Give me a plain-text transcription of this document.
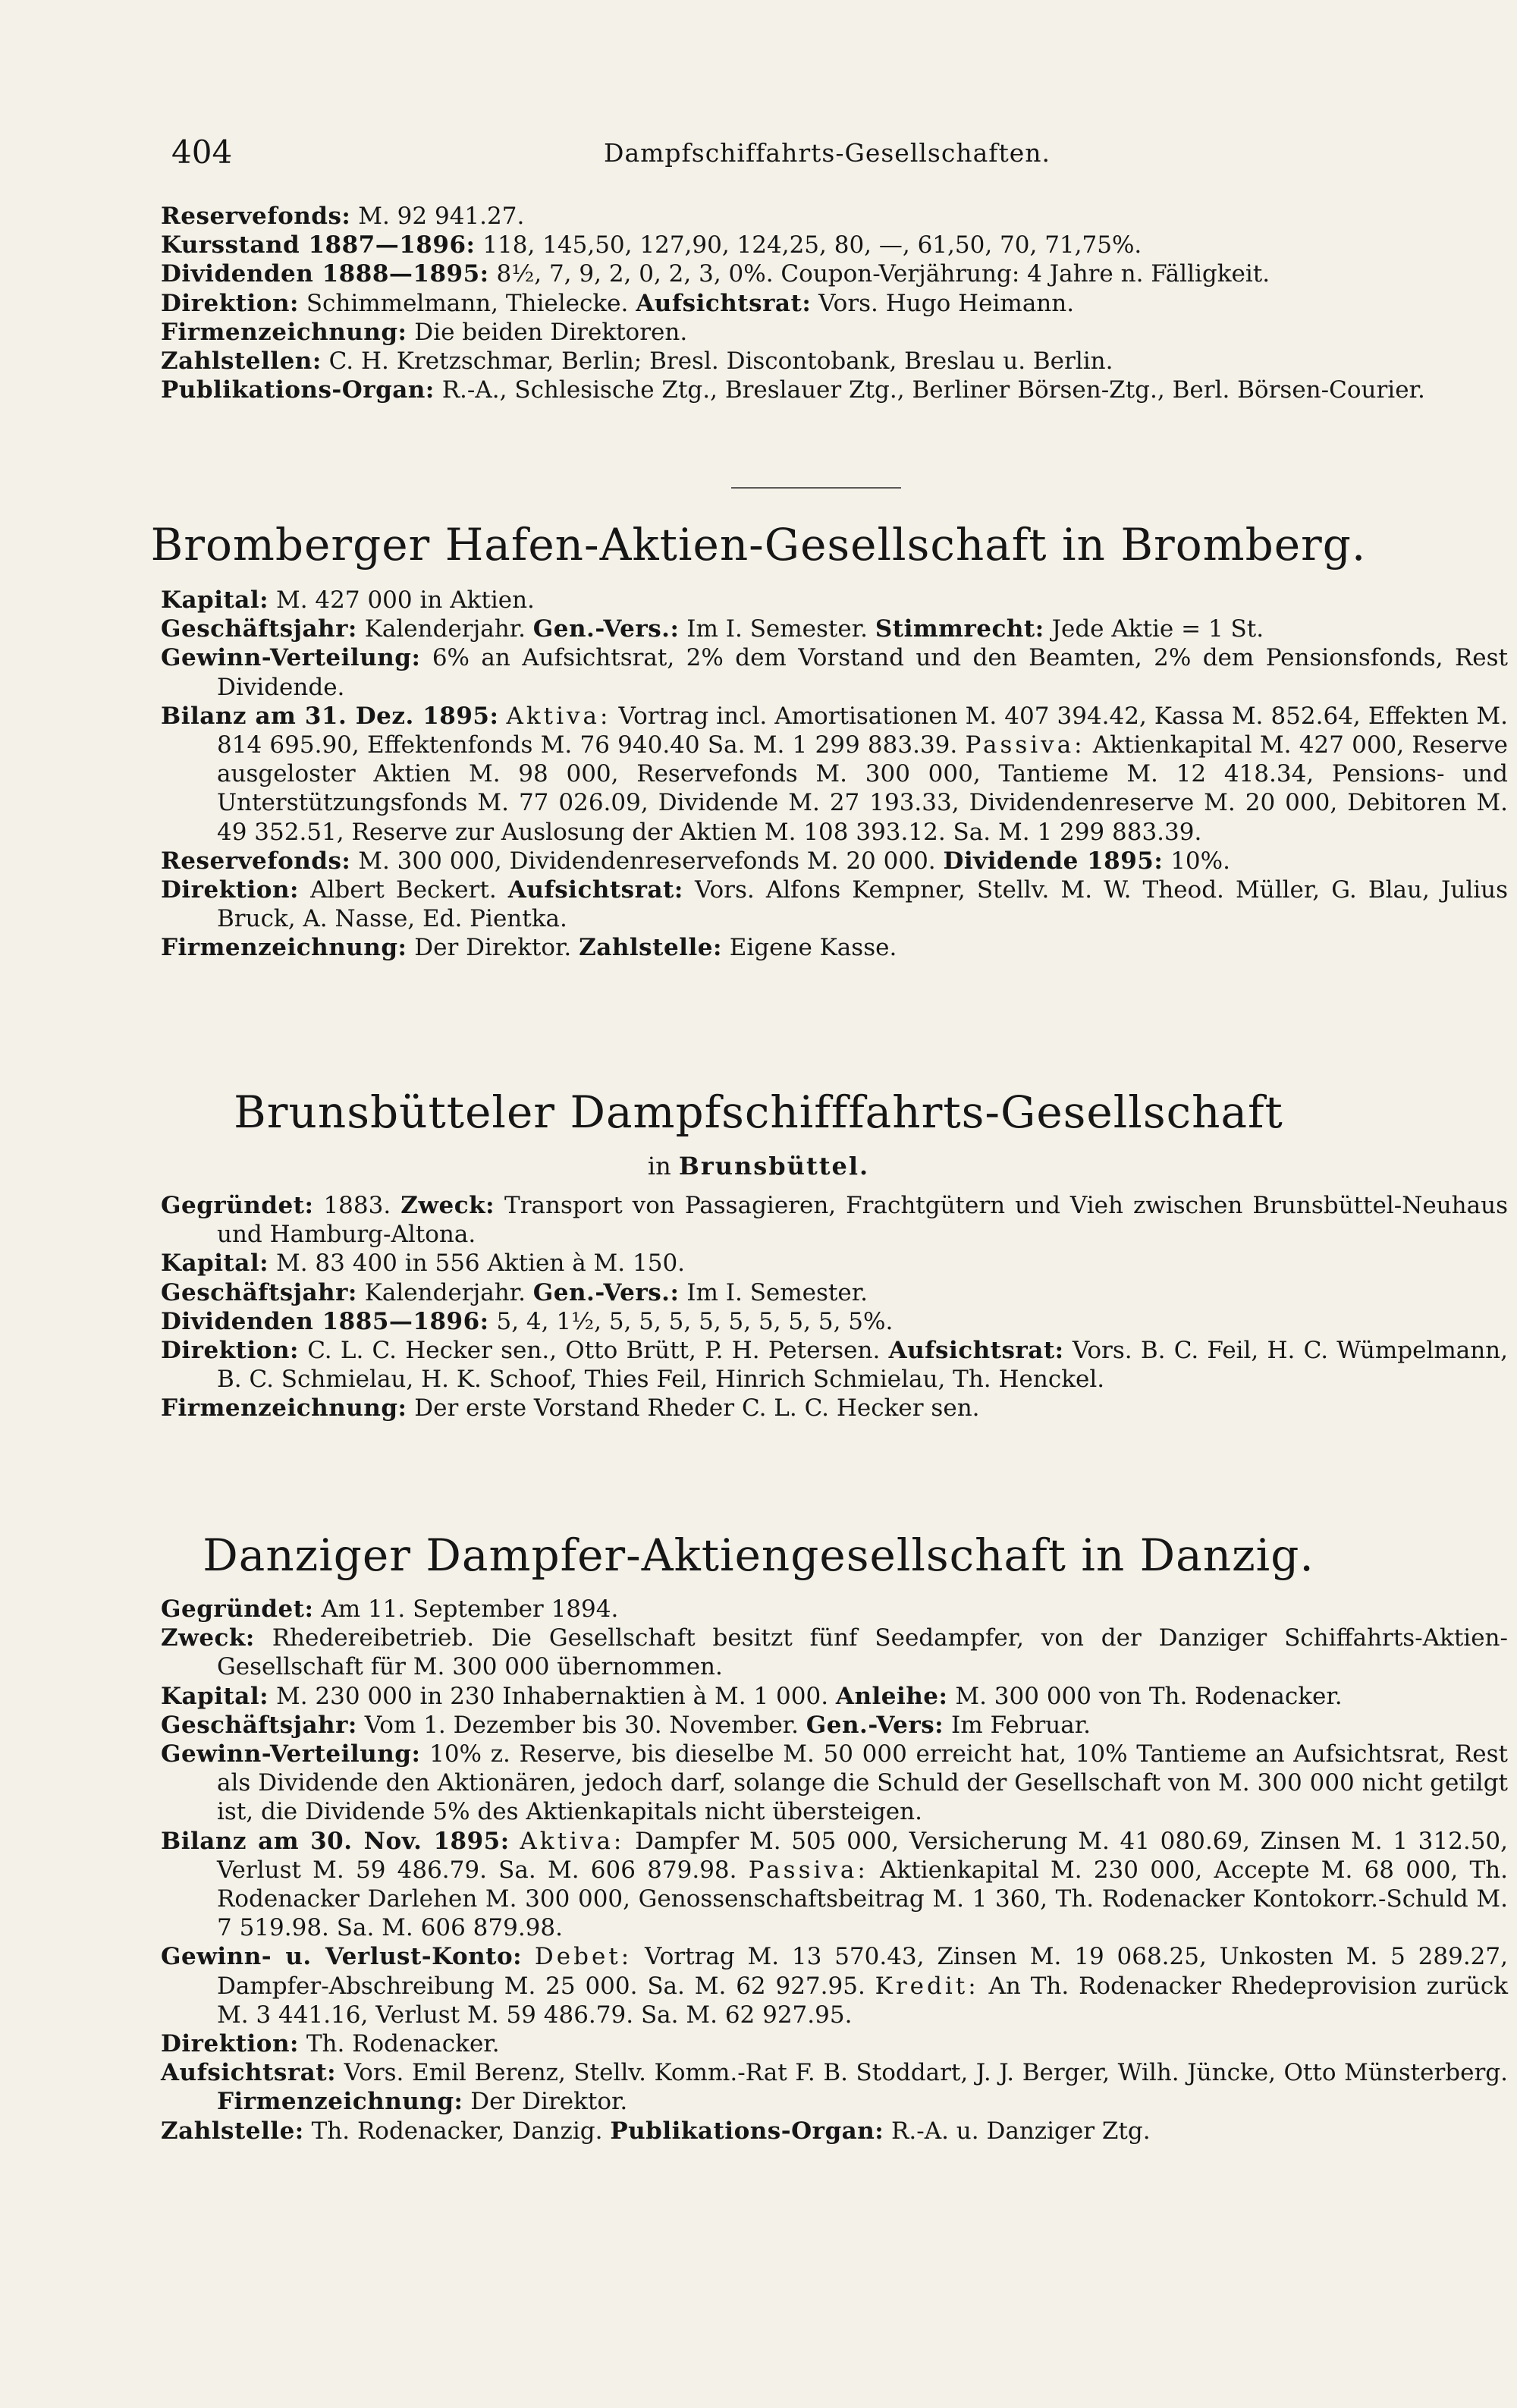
404	Dampfschiffahrts-Gesellschaften.

Reservefonds: M. 92 941.27.

Kursstand 1887—1896: 118, 145,50, 127,90, 124,25, 80, —, 61,50, 70, 71,75%.

Dividenden 1888—1895: 8½, 7, 9, 2, 0, 2, 3, 0%. Coupon-Verjährung: 4 Jahre n. Fälligkeit.

Direktion: Schimmelmann, Thielecke. Aufsichtsrat: Vors. Hugo Heimann.

Firmenzeichnung: Die beiden Direktoren.

Zahlstellen: C. H. Kretzschmar, Berlin; Bresl. Discontobank, Breslau u. Berlin.

Publikations-Organ: R.-A., Schlesische Ztg., Breslauer Ztg., Berliner Börsen-Ztg., Berl. Börsen-Courier.

Bromberger Hafen-Aktien-Gesellschaft in Bromberg.

Kapital: M. 427 000 in Aktien.

Geschäftsjahr: Kalenderjahr. Gen.-Vers.: Im I. Semester. Stimmrecht: Jede Aktie = 1 St.

Gewinn-Verteilung: 6% an Aufsichtsrat, 2% dem Vorstand und den Beamten, 2% dem Pensionsfonds, Rest Dividende.

Bilanz am 31. Dez. 1895: Aktiva: Vortrag incl. Amortisationen M. 407 394.42, Kassa M. 852.64, Effekten M. 814 695.90, Effektenfonds M. 76 940.40 Sa. M. 1 299 883.39. Passiva: Aktienkapital M. 427 000, Reserve ausgeloster Aktien M. 98 000, Reservefonds M. 300 000, Tantieme M. 12 418.34, Pensions- und Unterstützungsfonds M. 77 026.09, Dividende M. 27 193.33, Dividendenreserve M. 20 000, Debitoren M. 49 352.51, Reserve zur Auslosung der Aktien M. 108 393.12. Sa. M. 1 299 883.39.

Reservefonds: M. 300 000, Dividendenreservefonds M. 20 000. Dividende 1895: 10%.

Direktion: Albert Beckert. Aufsichtsrat: Vors. Alfons Kempner, Stellv. M. W. Theod. Müller, G. Blau, Julius Bruck, A. Nasse, Ed. Pientka.

Firmenzeichnung: Der Direktor. Zahlstelle: Eigene Kasse.

Brunsbütteler Dampfschifffahrts-Gesellschaft

in Brunsbüttel.

Gegründet: 1883. Zweck: Transport von Passagieren, Frachtgütern und Vieh zwischen Brunsbüttel-Neuhaus und Hamburg-Altona.

Kapital: M. 83 400 in 556 Aktien à M. 150.

Geschäftsjahr: Kalenderjahr. Gen.-Vers.: Im I. Semester.

Dividenden 1885—1896: 5, 4, 1½, 5, 5, 5, 5, 5, 5, 5, 5, 5%.

Direktion: C. L. C. Hecker sen., Otto Brütt, P. H. Petersen. Aufsichtsrat: Vors. B. C. Feil, H. C. Wümpelmann, B. C. Schmielau, H. K. Schoof, Thies Feil, Hinrich Schmielau, Th. Henckel.

Firmenzeichnung: Der erste Vorstand Rheder C. L. C. Hecker sen.

Danziger Dampfer-Aktiengesellschaft in Danzig.

Gegründet: Am 11. September 1894.

Zweck: Rhedereibetrieb. Die Gesellschaft besitzt fünf Seedampfer, von der Danziger Schiffahrts-Aktien-Gesellschaft für M. 300 000 übernommen.

Kapital: M. 230 000 in 230 Inhabernaktien à M. 1 000. Anleihe: M. 300 000 von Th. Rodenacker.

Geschäftsjahr: Vom 1. Dezember bis 30. November. Gen.-Vers: Im Februar.

Gewinn-Verteilung: 10% z. Reserve, bis dieselbe M. 50 000 erreicht hat, 10% Tantieme an Aufsichtsrat, Rest als Dividende den Aktionären, jedoch darf, solange die Schuld der Gesellschaft von M. 300 000 nicht getilgt ist, die Dividende 5% des Aktienkapitals nicht übersteigen.

Bilanz am 30. Nov. 1895: Aktiva: Dampfer M. 505 000, Versicherung M. 41 080.69, Zinsen M. 1 312.50, Verlust M. 59 486.79. Sa. M. 606 879.98. Passiva: Aktienkapital M. 230 000, Accepte M. 68 000, Th. Rodenacker Darlehen M. 300 000, Genossenschaftsbeitrag M. 1 360, Th. Rodenacker Kontokorr.-Schuld M. 7 519.98. Sa. M. 606 879.98.

Gewinn- u. Verlust-Konto: Debet: Vortrag M. 13 570.43, Zinsen M. 19 068.25, Unkosten M. 5 289.27, Dampfer-Abschreibung M. 25 000. Sa. M. 62 927.95. Kredit: An Th. Rodenacker Rhedeprovision zurück M. 3 441.16, Verlust M. 59 486.79. Sa. M. 62 927.95.

Direktion: Th. Rodenacker.

Aufsichtsrat: Vors. Emil Berenz, Stellv. Komm.-Rat F. B. Stoddart, J. J. Berger, Wilh. Jüncke, Otto Münsterberg. Firmenzeichnung: Der Direktor.

Zahlstelle: Th. Rodenacker, Danzig. Publikations-Organ: R.-A. u. Danziger Ztg.
